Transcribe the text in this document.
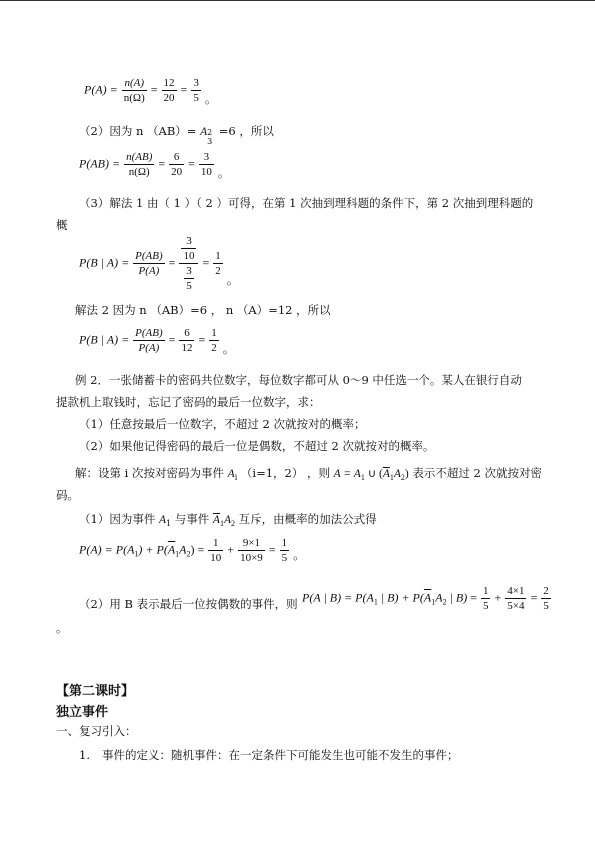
$P(A) = \frac{n(A)}{n(\Omega)} = \frac{12}{20} = \frac{3}{5}$ 。
（2）因为 n （AB）= A 2
3
=6 ，所以
$P(AB) = \frac{n(AB)}{n(\Omega)} = \frac{6}{20} = \frac{3}{10}$ 。
（3）解法 1 由（ 1 ）（ 2 ）可得，在第 1 次抽到理科题的条件下，第 2 次抽到理科题的
概
P(B | $A) = \frac{P(AB)}{P(A)} = \frac{\frac{3}{10}}{\frac{3}{5}} = \frac{1}{2}$
。
解法 2 因为 n （AB）=6 ， n （A）=12 ，所以
P(B | $A) = \frac{P(AB)}{P(A)} = \frac{6}{12} = \frac{1}{2}$ 。
例 2．一张储蓄卡的密码共位数字，每位数字都可从 0～9 中任选一个。某人在银行自动
提款机上取钱时，忘记了密码的最后一位数字，求：
（1）任意按最后一位数字，不超过 2 次就按对的概率；
（2）如果他记得密码的最后一位是偶数，不超过 2 次就按对的概率。
解：设第 i 次按对密码为事件 $A_i$ （i=1，2） ，则 $A = A_1$ ∪ $(\overline{A}_1A_2)$ 表示不超过 2 次就按对密
码。
（1）因为事件 $A_1$ 与事件 $\overline{A}_1A_2$ 互斥，由概率的加法公式得
$P(A) = P(A_1) + P(\overline{A}_1A_2) = \frac{1}{10} + \frac{9\times 1}{10\times 9} = \frac{1}{5}$ 。
（2）用 B 表示最后一位按偶数的事件，则 P(A | $B) = P(A_1$ | $B) + P(\overline{A}_1A_2$ | $B) = \frac{1}{5} + \frac{4\times 1}{5\times 4} = \frac{2}{5}$
。
【第二课时】
独立事件
一、复习引入：
1. 事件的定义：随机事件：在一定条件下可能发生也可能不发生的事件；
